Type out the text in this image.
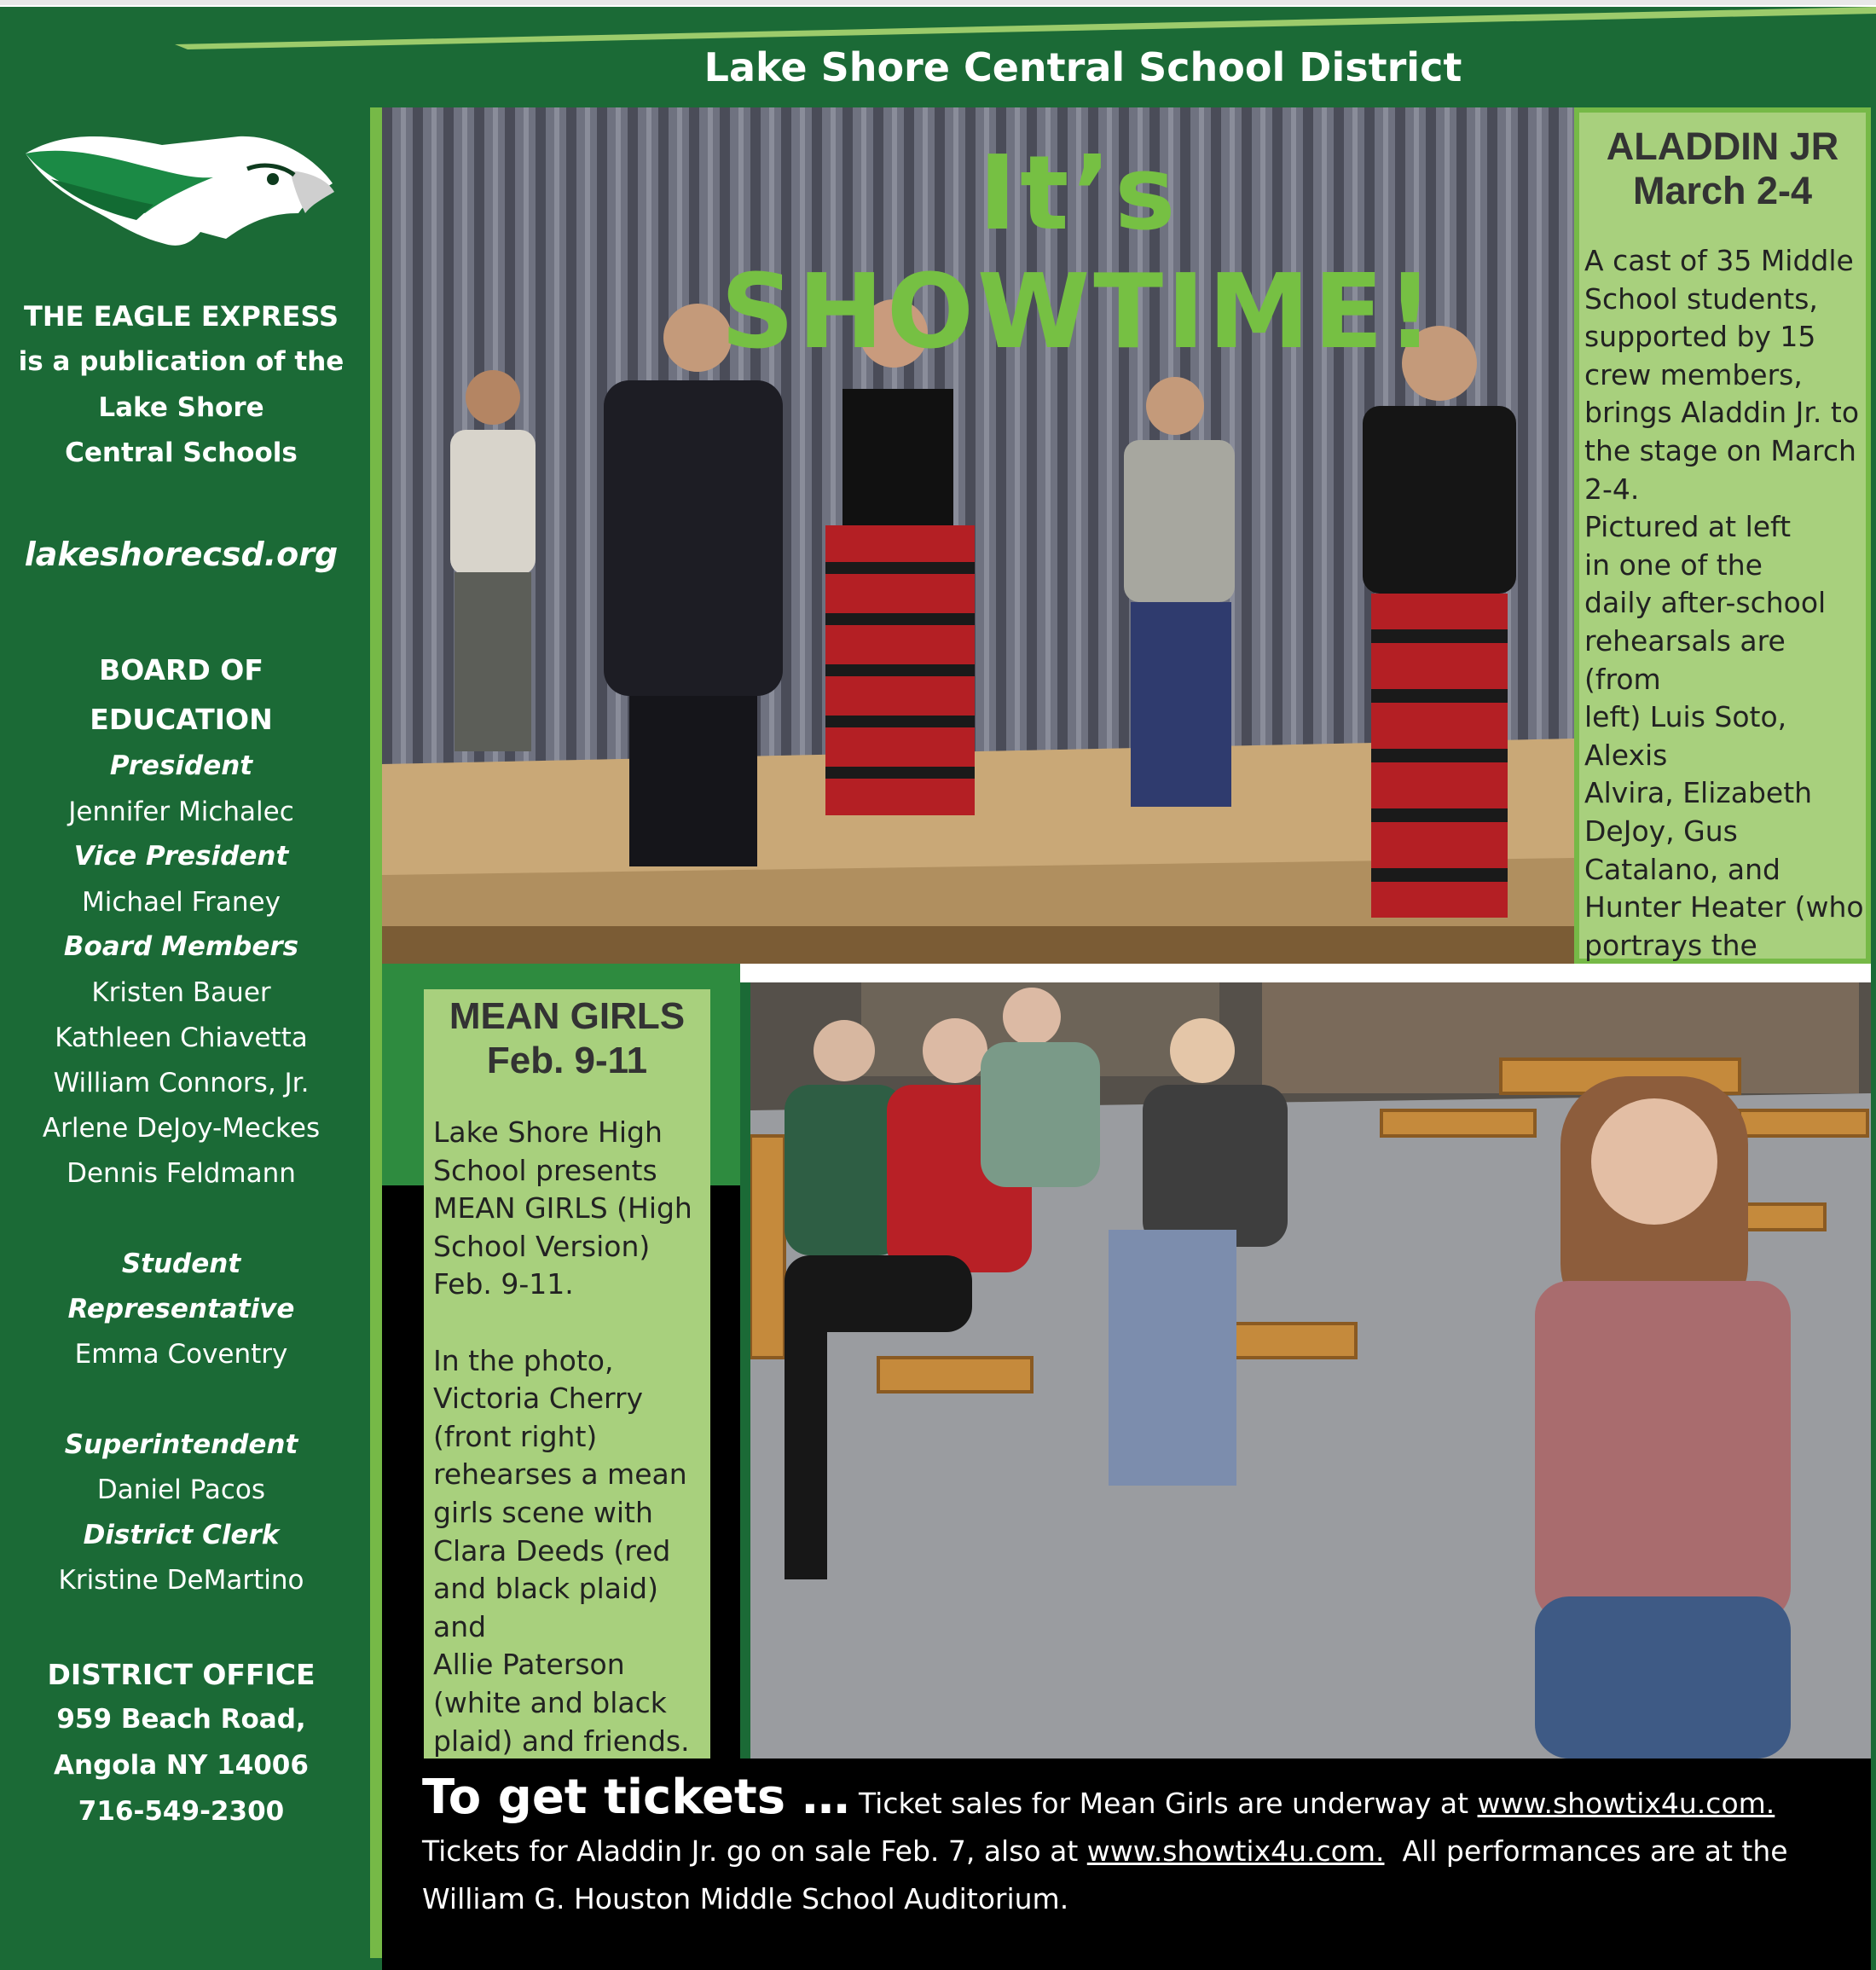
Lake Shore Central School District
THE EAGLE EXPRESS
is a publication of the
Lake Shore
Central Schools
lakeshorecsd.org
BOARD OF
EDUCATION
President
Jennifer Michalec
Vice President
Michael Franey
Board Members
Kristen Bauer
Kathleen Chiavetta
William Connors, Jr.
Arlene DeJoy-Meckes
Dennis Feldmann
Student
Representative
Emma Coventry
Superintendent
Daniel Pacos
District Clerk
Kristine DeMartino
DISTRICT OFFICE
959 Beach Road,
Angola NY 14006
716-549-2300
It’s SHOWTIME!
ALADDIN JR
March 2-4
A cast of 35 Middle
School students,
supported by 15
crew members,
brings Aladdin Jr. to
the stage on March
2-4.
Pictured at left
in one of the
daily after-school
rehearsals are (from
left) Luis Soto, Alexis
Alvira, Elizabeth
DeJoy, Gus
Catalano, and
Hunter Heater (who
portrays the
MEAN GIRLS
Feb. 9-11
Lake Shore High
School presents
MEAN GIRLS (High
School Version)
Feb. 9-11.
In the photo,
Victoria Cherry
(front right)
rehearses a mean
girls scene with
Clara Deeds (red
and black plaid) and
Allie Paterson
(white and black
plaid) and friends.
To get tickets … Ticket sales for Mean Girls are underway at www.showtix4u.com.
Tickets for Aladdin Jr. go on sale Feb. 7, also at www.showtix4u.com.  All performances are at the
William G. Houston Middle School Auditorium.
